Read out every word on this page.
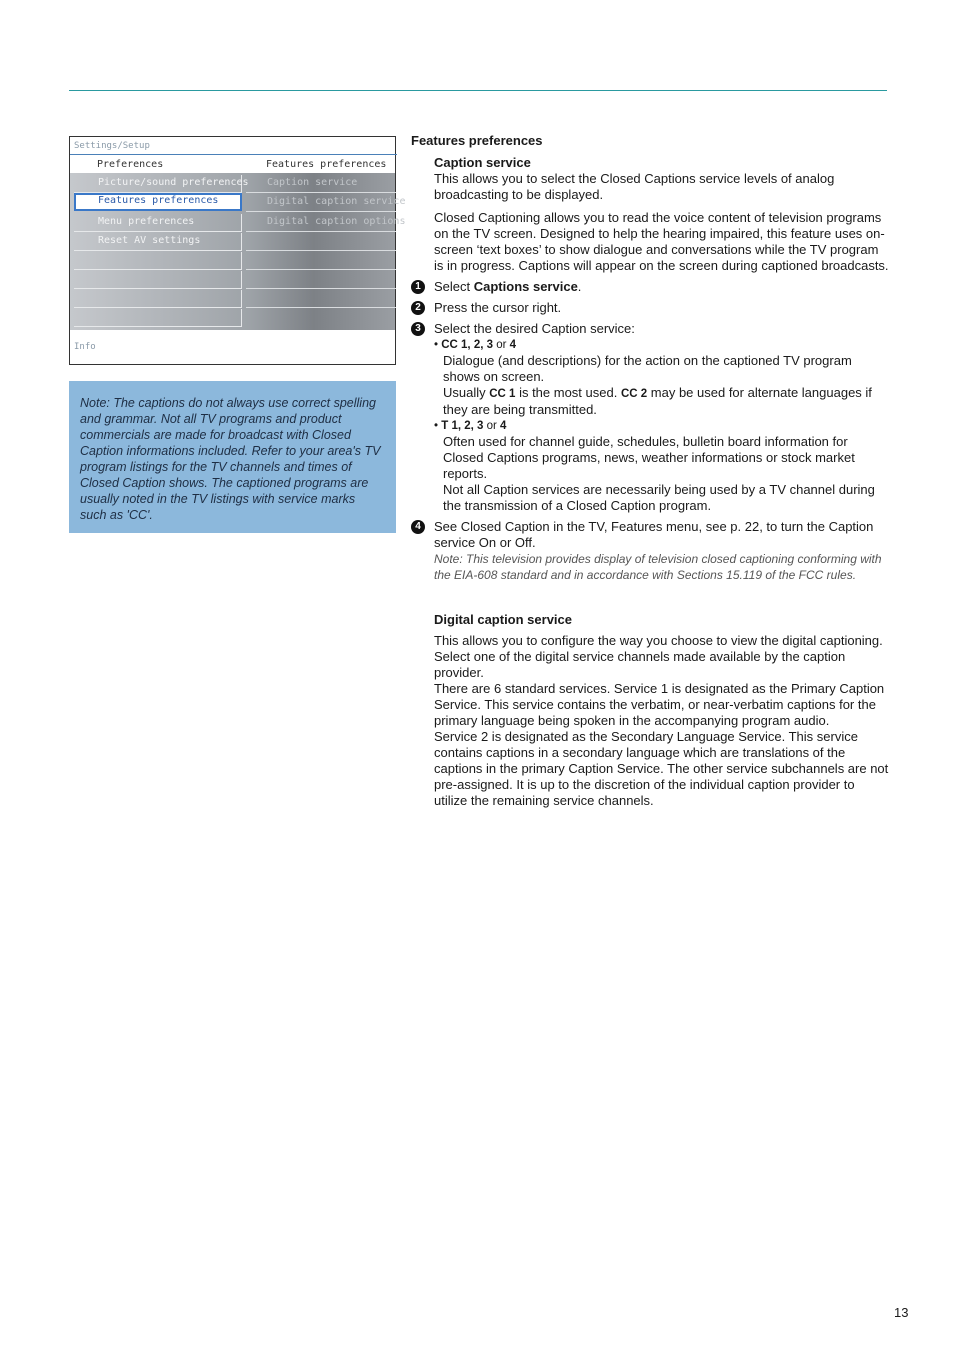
Settings/Setup
Preferences	Features preferences
Picture/sound preferences
Features preferences
Menu preferences
Reset AV settings
Caption service
Digital caption service
Digital caption options
Info
Note: The captions do not always use correct spelling and grammar. Not all TV programs and product commercials are made for broadcast with Closed Caption informations included. Refer to your area's TV program listings for the TV channels and times of Closed Caption shows. The captioned programs are usually noted in the TV listings with service marks such as 'CC'.

Features preferences

Caption service

This allows you to select the Closed Captions service levels of analog broadcasting to be displayed.

Closed Captioning allows you to read the voice content of television programs on the TV screen. Designed to help the hearing impaired, this feature uses on-screen ‘text boxes’ to show dialogue and conversations while the TV program is in progress. Captions will appear on the screen during captioned broadcasts.

1	Select Captions service.
2	Press the cursor right.
3	Select the desired Caption service:

• CC 1, 2, 3 or 4

Dialogue (and descriptions) for the action on the captioned TV program shows on screen.

Usually CC 1 is the most used. CC 2 may be used for alternate languages if they are being transmitted.

• T 1, 2, 3 or 4

Often used for channel guide, schedules, bulletin board information for Closed Captions programs, news, weather informations or stock market reports.

Not all Caption services are necessarily being used by a TV channel during the transmission of a Closed Caption program.

4	See Closed Caption in the TV, Features menu, see p. 22, to turn the Caption service On or Off.

Note: This television provides display of television closed captioning conforming with the EIA-608 standard and in accordance with Sections 15.119 of the FCC rules.

Digital caption service

This allows you to configure the way you choose to view the digital captioning.

Select one of the digital service channels made available by the caption provider.

There are 6 standard services. Service 1 is designated as the Primary Caption Service. This service contains the verbatim, or near-verbatim captions for the primary language being spoken in the accompanying program audio.

Service 2 is designated as the Secondary Language Service. This service contains captions in a secondary language which are translations of the captions in the primary Caption Service. The other service subchannels are not pre-assigned. It is up to the discretion of the individual caption provider to utilize the remaining service channels.

13
